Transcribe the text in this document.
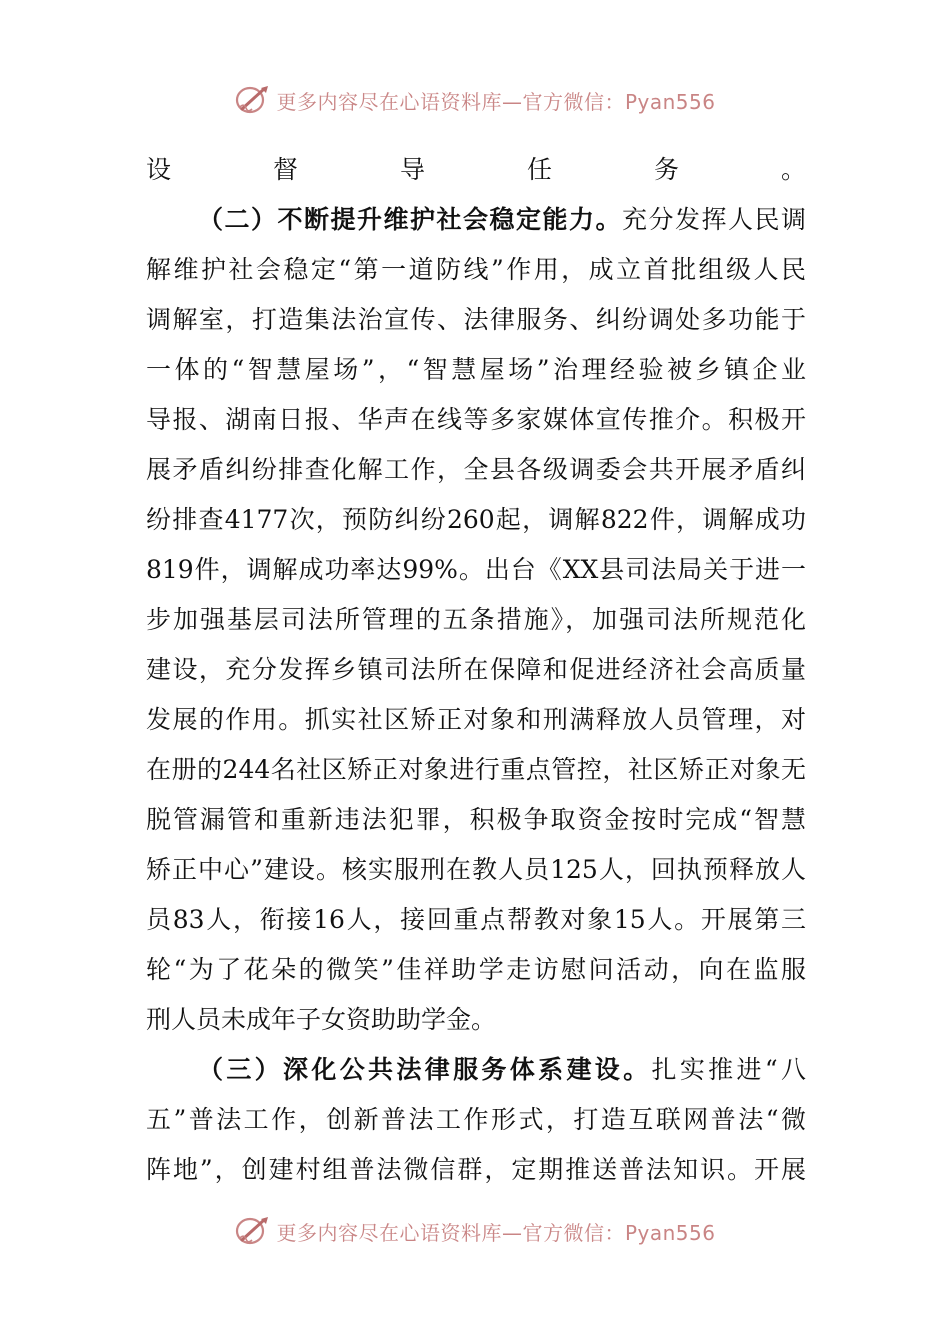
更多内容尽在心语资料库—官方微信：Pyan556
设督导任务。
（二）不断提升维护社会稳定能力。充分发挥人民调
解维护社会稳定“第一道防线”作用，成立首批组级人民
调解室，打造集法治宣传、法律服务、纠纷调处多功能于
一体的“智慧屋场”，“智慧屋场”治理经验被乡镇企业
导报、湖南日报、华声在线等多家媒体宣传推介。积极开
展矛盾纠纷排查化解工作，全县各级调委会共开展矛盾纠
纷排查4177次，预防纠纷260起，调解822件，调解成功
819件，调解成功率达99%。出台《XX县司法局关于进一
步加强基层司法所管理的五条措施》，加强司法所规范化
建设，充分发挥乡镇司法所在保障和促进经济社会高质量
发展的作用。抓实社区矫正对象和刑满释放人员管理，对
在册的244名社区矫正对象进行重点管控，社区矫正对象无
脱管漏管和重新违法犯罪，积极争取资金按时完成“智慧
矫正中心”建设。核实服刑在教人员125人，回执预释放人
员83人，衔接16人，接回重点帮教对象15人。开展第三
轮“为了花朵的微笑”佳祥助学走访慰问活动，向在监服
刑人员未成年子女资助助学金。
（三）深化公共法律服务体系建设。扎实推进“八
五”普法工作，创新普法工作形式，打造互联网普法“微
阵地”，创建村组普法微信群，定期推送普法知识。开展
更多内容尽在心语资料库—官方微信：Pyan556
